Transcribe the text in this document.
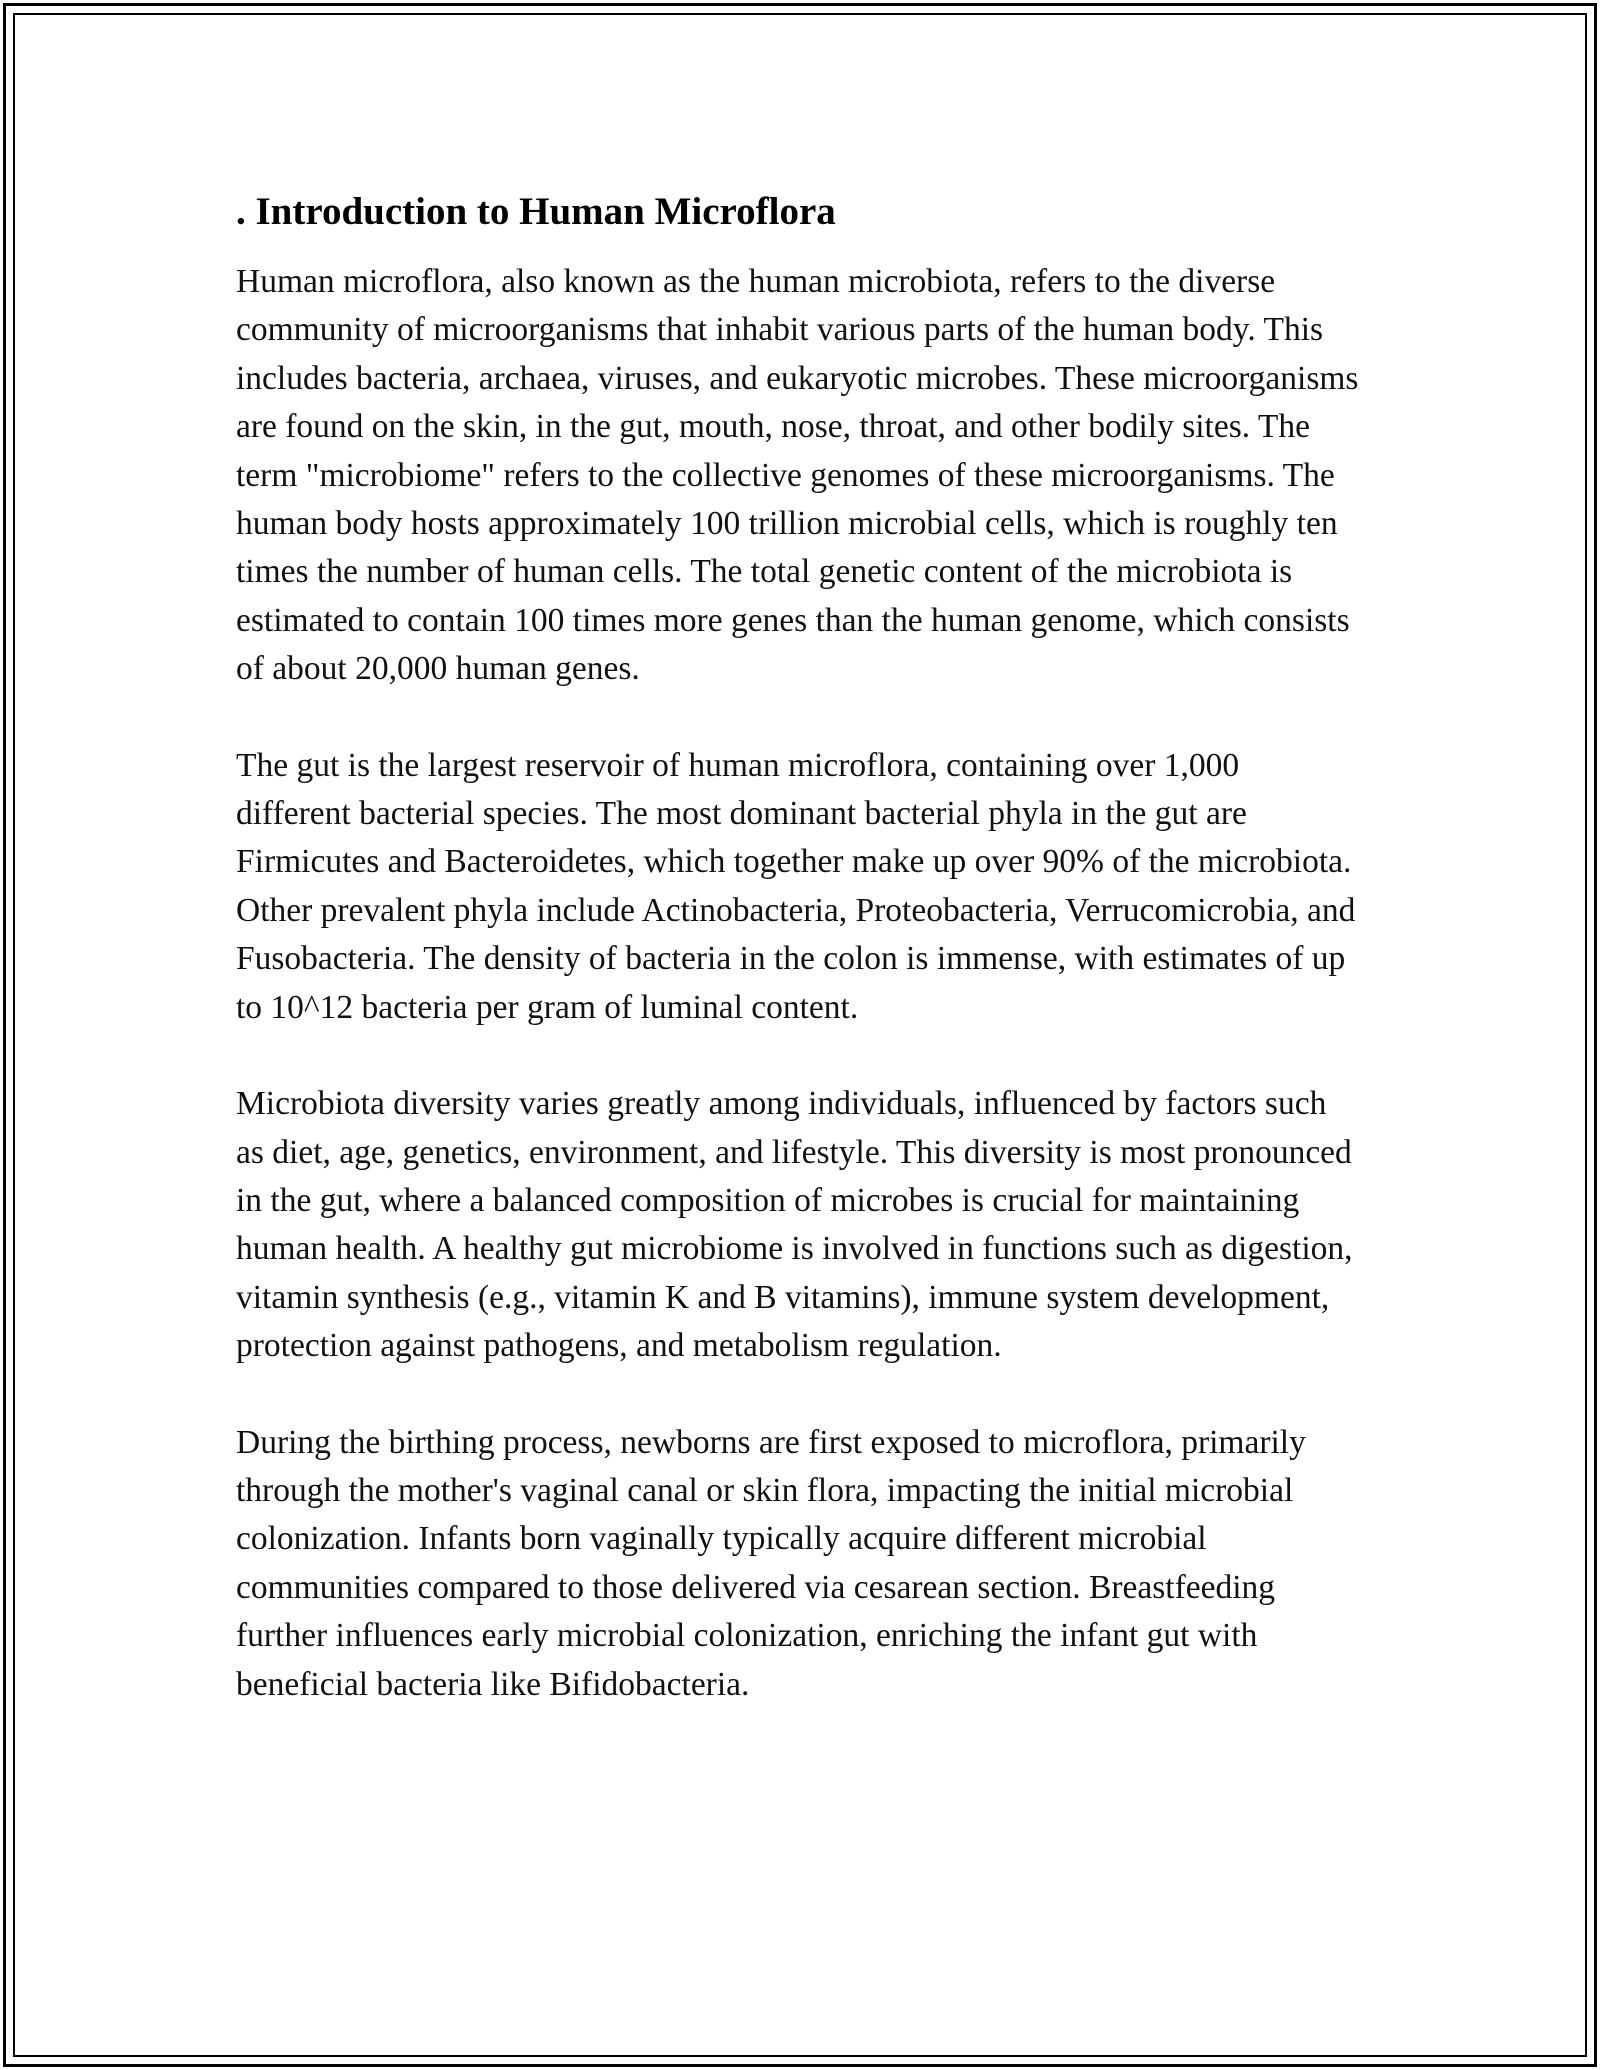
. Introduction to Human Microflora

Human microflora, also known as the human microbiota, refers to the diverse community of microorganisms that inhabit various parts of the human body. This includes bacteria, archaea, viruses, and eukaryotic microbes. These microorganisms are found on the skin, in the gut, mouth, nose, throat, and other bodily sites. The term "microbiome" refers to the collective genomes of these microorganisms. The human body hosts approximately 100 trillion microbial cells, which is roughly ten times the number of human cells. The total genetic content of the microbiota is estimated to contain 100 times more genes than the human genome, which consists of about 20,000 human genes.

The gut is the largest reservoir of human microflora, containing over 1,000 different bacterial species. The most dominant bacterial phyla in the gut are Firmicutes and Bacteroidetes, which together make up over 90% of the microbiota. Other prevalent phyla include Actinobacteria, Proteobacteria, Verrucomicrobia, and Fusobacteria. The density of bacteria in the colon is immense, with estimates of up to 10^12 bacteria per gram of luminal content.

Microbiota diversity varies greatly among individuals, influenced by factors such as diet, age, genetics, environment, and lifestyle. This diversity is most pronounced in the gut, where a balanced composition of microbes is crucial for maintaining human health. A healthy gut microbiome is involved in functions such as digestion, vitamin synthesis (e.g., vitamin K and B vitamins), immune system development, protection against pathogens, and metabolism regulation.

During the birthing process, newborns are first exposed to microflora, primarily through the mother's vaginal canal or skin flora, impacting the initial microbial colonization. Infants born vaginally typically acquire different microbial communities compared to those delivered via cesarean section. Breastfeeding further influences early microbial colonization, enriching the infant gut with beneficial bacteria like Bifidobacteria.
